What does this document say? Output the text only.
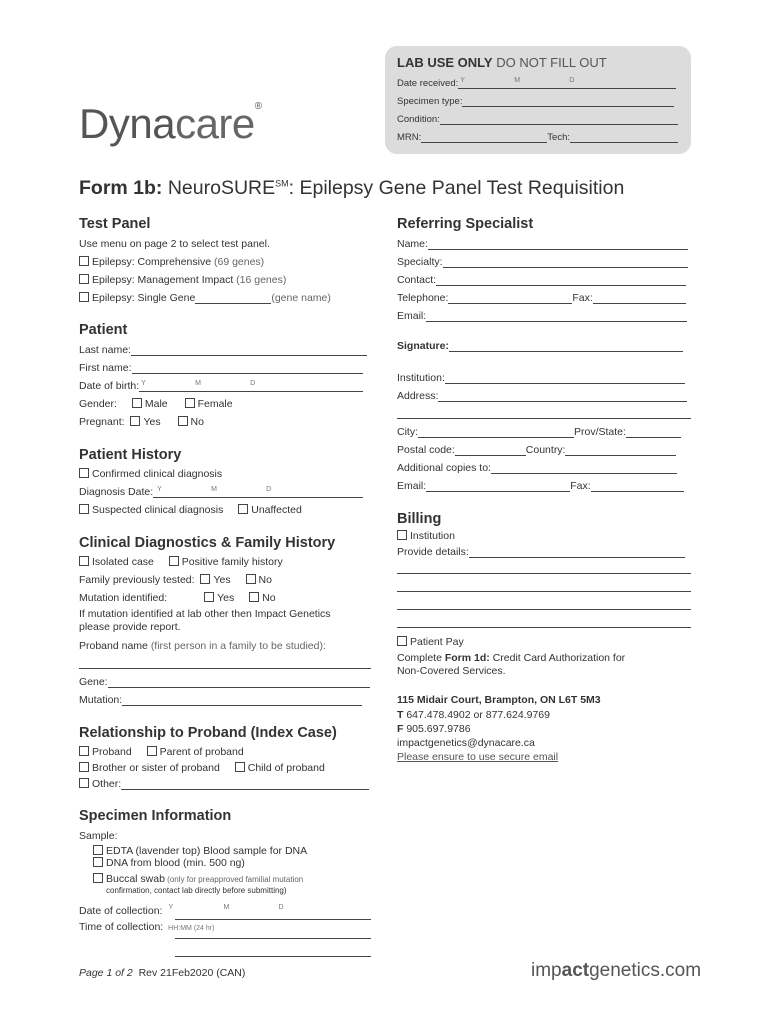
LAB USE ONLY DO NOT FILL OUT
Date received: Y	M	D
Specimen type:
Condition:
MRN:	Tech:
Dynacare®
Form 1b: NeuroSURE℠: Epilepsy Gene Panel Test Requisition
Test Panel
Use menu on page 2 to select test panel.
Epilepsy: Comprehensive (69 genes)
Epilepsy: Management Impact (16 genes)
Epilepsy: Single Gene	(gene name)
Patient
Last name:
First name:
Date of birth: Y	M	D
Gender:	Male	Female
Pregnant: Yes	No
Patient History
Confirmed clinical diagnosis
Diagnosis Date: Y	M	D
Suspected clinical diagnosis	Unaffected
Clinical Diagnostics & Family History
Isolated case	Positive family history
Family previously tested: Yes	No
Mutation identified:	Yes	No
If mutation identified at lab other then Impact Genetics
please provide report.
Proband name (first person in a family to be studied):
Gene:
Mutation:
Relationship to Proband (Index Case)
Proband	Parent of proband
Brother or sister of proband	Child of proband
Other:
Specimen Information
Sample:
EDTA (lavender top) Blood sample for DNA
DNA from blood (min. 500 ng)
Buccal swab (only for preapproved familial mutation
confirmation, contact lab directly before submitting)
Date of collection: Y	M	D
Time of collection: HH:MM (24 hr)
Referring Specialist
Name:
Specialty:
Contact:
Telephone:	Fax:
Email:
Signature:
Institution:
Address:
City:	Prov/State:
Postal code:	Country:
Additional copies to:
Email:	Fax:
Billing
Institution
Provide details:
Patient Pay
Complete Form 1d: Credit Card Authorization for
Non-Covered Services.
115 Midair Court, Brampton, ON L6T 5M3
T 647.478.4902 or 877.624.9769
F 905.697.9786
impactgenetics@dynacare.ca
Please ensure to use secure email
Page 1 of 2 Rev 21Feb2020 (CAN)	impactgenetics.com
